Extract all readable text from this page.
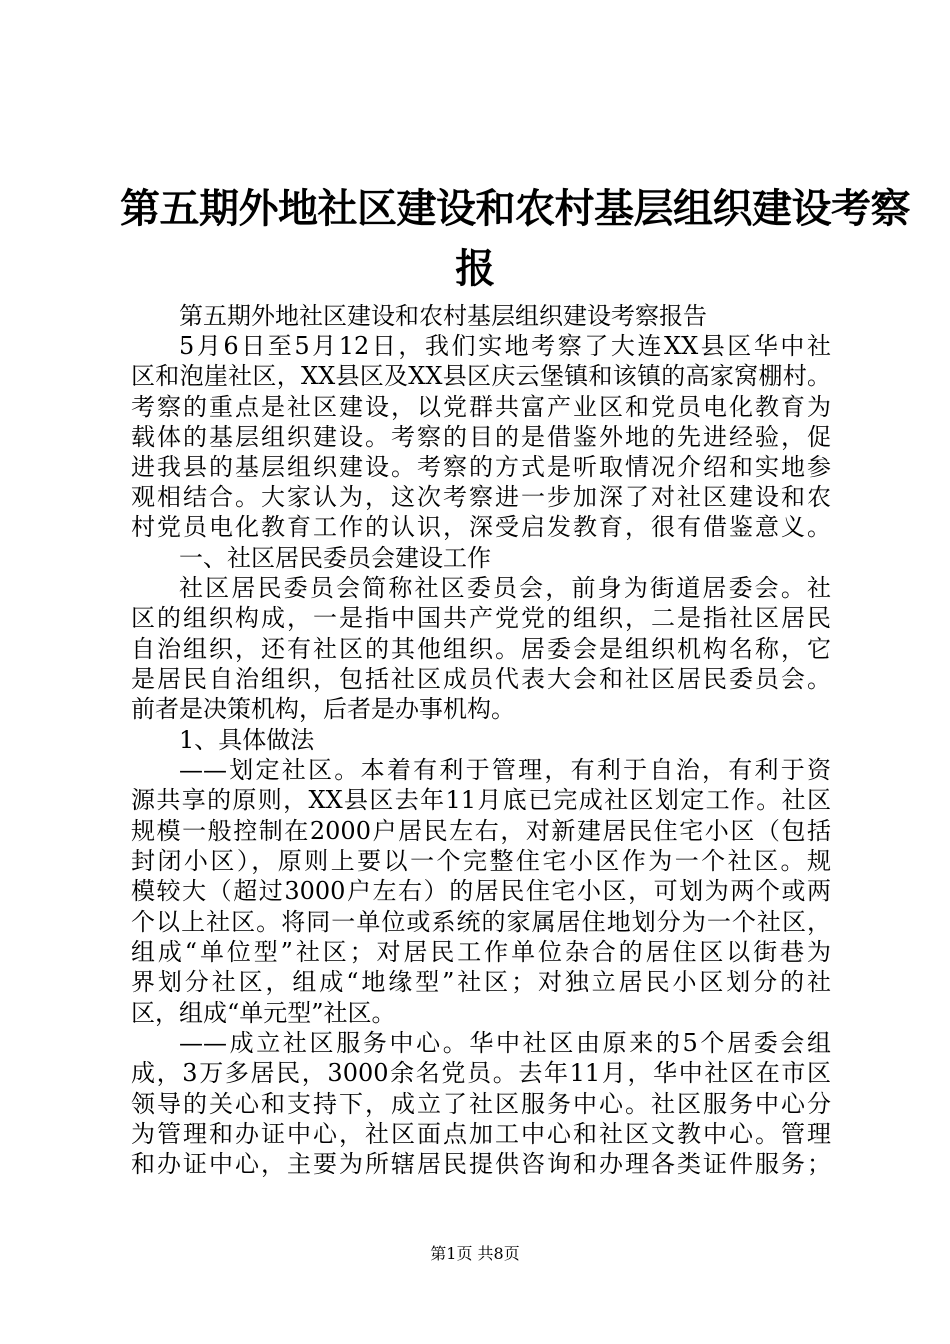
第五期外地社区建设和农村基层组织建设考察
报
第五期外地社区建设和农村基层组织建设考察报告
5月6日至5月12日，我们实地考察了大连XX县区华中社
区和泡崖社区，XX县区及XX县区庆云堡镇和该镇的高家窝棚村。
考察的重点是社区建设，以党群共富产业区和党员电化教育为
载体的基层组织建设。考察的目的是借鉴外地的先进经验，促
进我县的基层组织建设。考察的方式是听取情况介绍和实地参
观相结合。大家认为，这次考察进一步加深了对社区建设和农
村党员电化教育工作的认识，深受启发教育，很有借鉴意义。
一、社区居民委员会建设工作
社区居民委员会简称社区委员会，前身为街道居委会。社
区的组织构成，一是指中国共产党党的组织，二是指社区居民
自治组织，还有社区的其他组织。居委会是组织机构名称，它
是居民自治组织，包括社区成员代表大会和社区居民委员会。
前者是决策机构，后者是办事机构。
1、具体做法
——划定社区。本着有利于管理，有利于自治，有利于资
源共享的原则，XX县区去年11月底已完成社区划定工作。社区
规模一般控制在2000户居民左右，对新建居民住宅小区（包括
封闭小区），原则上要以一个完整住宅小区作为一个社区。规
模较大（超过3000户左右）的居民住宅小区，可划为两个或两
个以上社区。将同一单位或系统的家属居住地划分为一个社区，
组成“单位型”社区；对居民工作单位杂合的居住区以街巷为
界划分社区，组成“地缘型”社区；对独立居民小区划分的社
区，组成“单元型”社区。
——成立社区服务中心。华中社区由原来的5个居委会组
成，3万多居民，3000余名党员。去年11月，华中社区在市区
领导的关心和支持下，成立了社区服务中心。社区服务中心分
为管理和办证中心，社区面点加工中心和社区文教中心。管理
和办证中心，主要为所辖居民提供咨询和办理各类证件服务；
第1页 共8页
